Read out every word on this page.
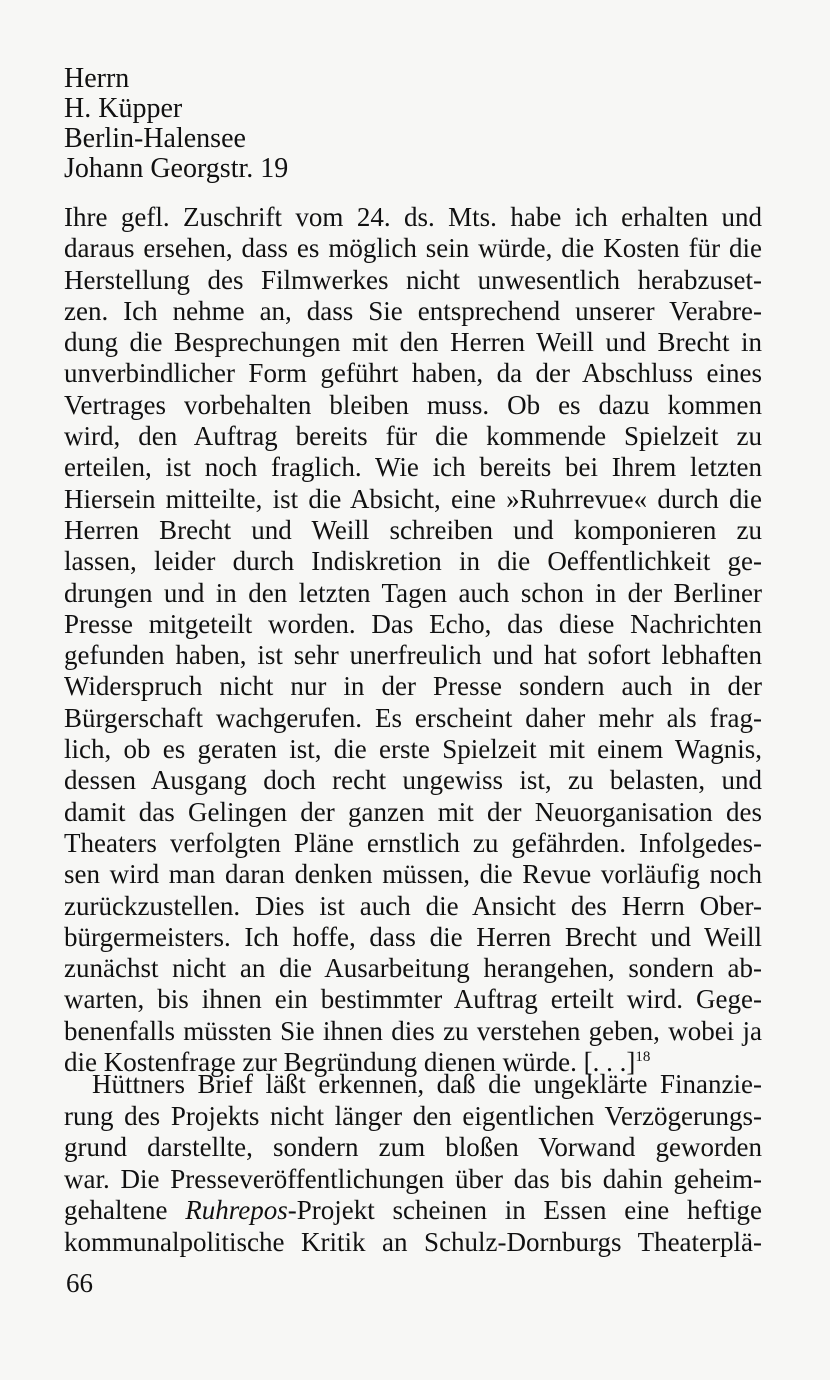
Herrn
H. Küpper
Berlin-Halensee
Johann Georgstr. 19
Ihre gefl. Zuschrift vom 24. ds. Mts. habe ich erhalten und
daraus ersehen, dass es möglich sein würde, die Kosten für die
Herstellung des Filmwerkes nicht unwesentlich herabzuset-
zen. Ich nehme an, dass Sie entsprechend unserer Verabre-
dung die Besprechungen mit den Herren Weill und Brecht in
unverbindlicher Form geführt haben, da der Abschluss eines
Vertrages vorbehalten bleiben muss. Ob es dazu kommen
wird, den Auftrag bereits für die kommende Spielzeit zu
erteilen, ist noch fraglich. Wie ich bereits bei Ihrem letzten
Hiersein mitteilte, ist die Absicht, eine »Ruhrrevue« durch die
Herren Brecht und Weill schreiben und komponieren zu
lassen, leider durch Indiskretion in die Oeffentlichkeit ge-
drungen und in den letzten Tagen auch schon in der Berliner
Presse mitgeteilt worden. Das Echo, das diese Nachrichten
gefunden haben, ist sehr unerfreulich und hat sofort lebhaften
Widerspruch nicht nur in der Presse sondern auch in der
Bürgerschaft wachgerufen. Es erscheint daher mehr als frag-
lich, ob es geraten ist, die erste Spielzeit mit einem Wagnis,
dessen Ausgang doch recht ungewiss ist, zu belasten, und
damit das Gelingen der ganzen mit der Neuorganisation des
Theaters verfolgten Pläne ernstlich zu gefährden. Infolgedes-
sen wird man daran denken müssen, die Revue vorläufig noch
zurückzustellen. Dies ist auch die Ansicht des Herrn Ober-
bürgermeisters. Ich hoffe, dass die Herren Brecht und Weill
zunächst nicht an die Ausarbeitung herangehen, sondern ab-
warten, bis ihnen ein bestimmter Auftrag erteilt wird. Gege-
benenfalls müssten Sie ihnen dies zu verstehen geben, wobei ja
die Kostenfrage zur Begründung dienen würde. [. . .]$^{18}$
Hüttners Brief läßt erkennen, daß die ungeklärte Finanzie-
rung des Projekts nicht länger den eigentlichen Verzögerungs-
grund darstellte, sondern zum bloßen Vorwand geworden
war. Die Presseveröffentlichungen über das bis dahin geheim-
gehaltene Ruhrepos-Projekt scheinen in Essen eine heftige
kommunalpolitische Kritik an Schulz-Dornburgs Theaterplä-
66
